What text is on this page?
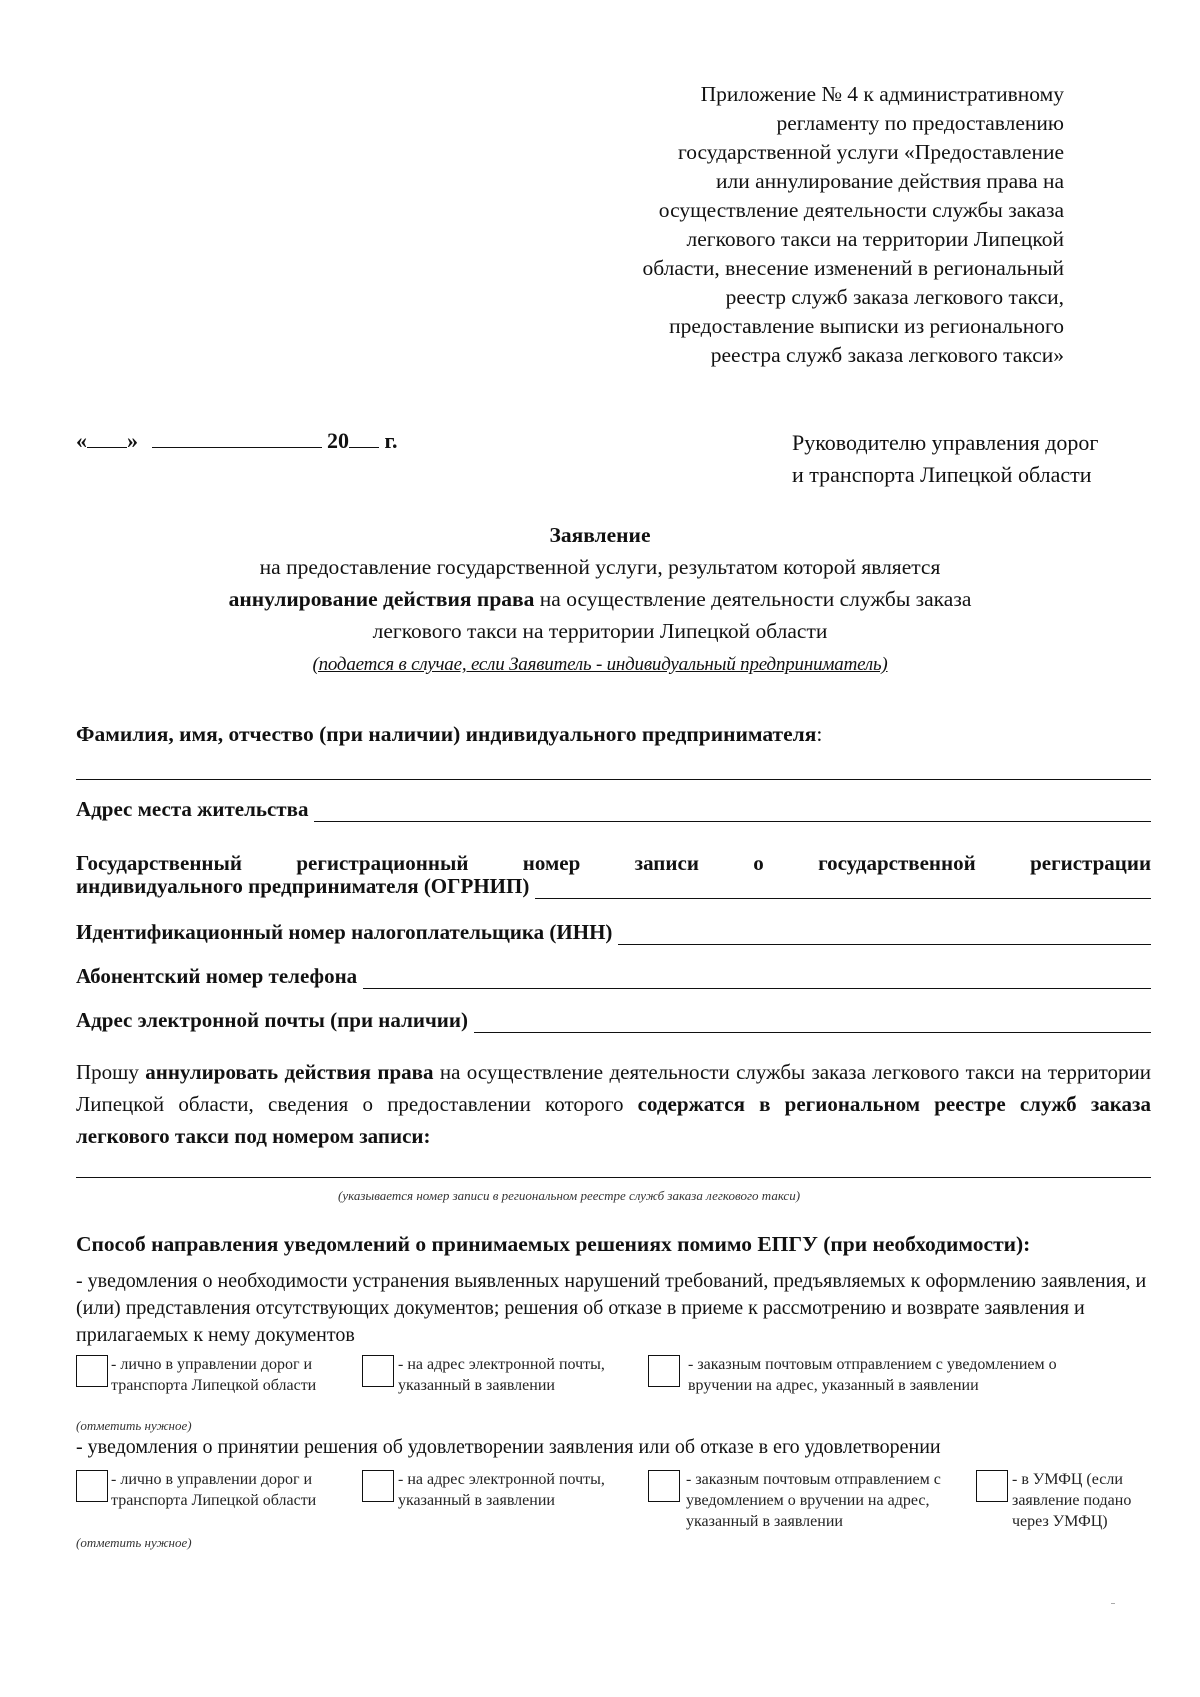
Приложение № 4 к административному
регламенту по предоставлению
государственной услуги «Предоставление
или аннулирование действия права на
осуществление деятельности службы заказа
легкового такси на территории Липецкой
области, внесение изменений в региональный
реестр служб заказа легкового такси,
предоставление выписки из регионального
реестра служб заказа легкового такси»
« »	20 г.	Руководителю управления дорог
и транспорта Липецкой области
Заявление
на предоставление государственной услуги, результатом которой является
аннулирование действия права на осуществление деятельности службы заказа
легкового такси на территории Липецкой области
(подается в случае, если Заявитель - индивидуальный предприниматель)
Фамилия, имя, отчество (при наличии) индивидуального предпринимателя:
Адрес места жительства
Государственный	регистрационный	номер	записи	о	государственной	регистрации
индивидуального предпринимателя (ОГРНИП)
Идентификационный номер налогоплательщика (ИНН)
Абонентский номер телефона
Адрес электронной почты (при наличии)
Прошу аннулировать действия права на осуществление деятельности службы заказа легкового такси на территории Липецкой области, сведения о предоставлении которого содержатся в региональном реестре служб заказа легкового такси под номером записи:
(указывается номер записи в региональном реестре служб заказа легкового такси)
Способ направления уведомлений о принимаемых решениях помимо ЕПГУ (при необходимости):
- уведомления о необходимости устранения выявленных нарушений требований, предъявляемых к оформлению заявления, и (или) представления отсутствующих документов; решения об отказе в приеме к рассмотрению и возврате заявления и прилагаемых к нему документов
- лично в управлении дорог и
транспорта Липецкой области
- на адрес электронной почты,
указанный в заявлении
- заказным почтовым отправлением с уведомлением о
вручении на адрес, указанный в заявлении
(отметить нужное)
- уведомления о принятии решения об удовлетворении заявления или об отказе в его удовлетворении
- лично в управлении дорог и
транспорта Липецкой области
- на адрес электронной почты,
указанный в заявлении
- заказным почтовым отправлением с
уведомлением о вручении на адрес,
указанный в заявлении
- в УМФЦ (если
заявление подано
через УМФЦ)
(отметить нужное)
